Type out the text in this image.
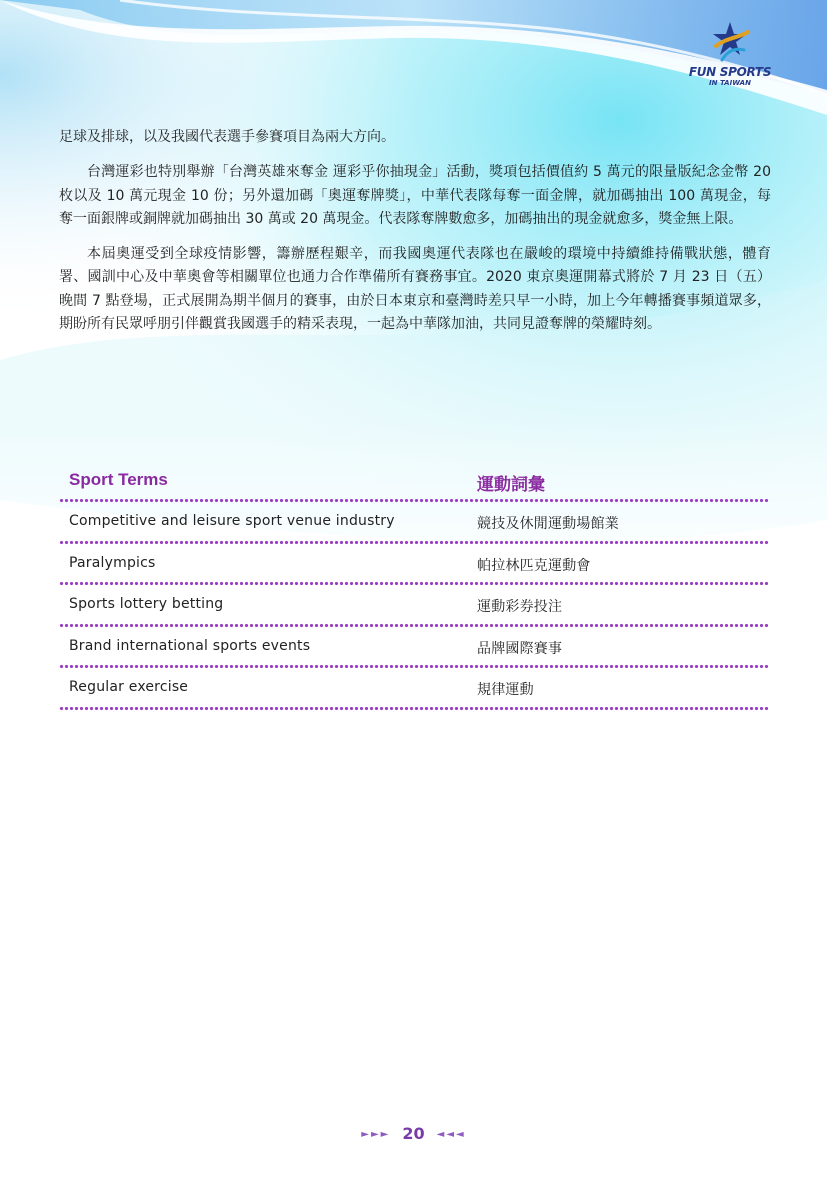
FUN SPORTS
IN TAIWAN

足球及排球，以及我國代表選手參賽項目為兩大方向。

台灣運彩也特別舉辦「台灣英雄來奪金 運彩乎你抽現金」活動，獎項包括價值約 5 萬元的限量版紀念金幣 20 枚以及 10 萬元現金 10 份；另外還加碼「奧運奪牌獎」，中華代表隊每奪一面金牌，就加碼抽出 100 萬現金，每奪一面銀牌或銅牌就加碼抽出 30 萬或 20 萬現金。代表隊奪牌數愈多，加碼抽出的現金就愈多，獎金無上限。

本屆奧運受到全球疫情影響，籌辦歷程艱辛，而我國奧運代表隊也在嚴峻的環境中持續維持備戰狀態，體育署、國訓中心及中華奧會等相關單位也通力合作準備所有賽務事宜。2020 東京奧運開幕式將於 7 月 23 日（五）晚間 7 點登場，正式展開為期半個月的賽事，由於日本東京和臺灣時差只早一小時，加上今年轉播賽事頻道眾多，期盼所有民眾呼朋引伴觀賞我國選手的精采表現，一起為中華隊加油，共同見證奪牌的榮耀時刻。

Sport Terms	運動詞彙
Competitive and leisure sport venue industry	競技及休閒運動場館業
Paralympics	帕拉林匹克運動會
Sports lottery betting	運動彩券投注
Brand international sports events	品牌國際賽事
Regular exercise	規律運動
►►► 20 ◄◄◄
